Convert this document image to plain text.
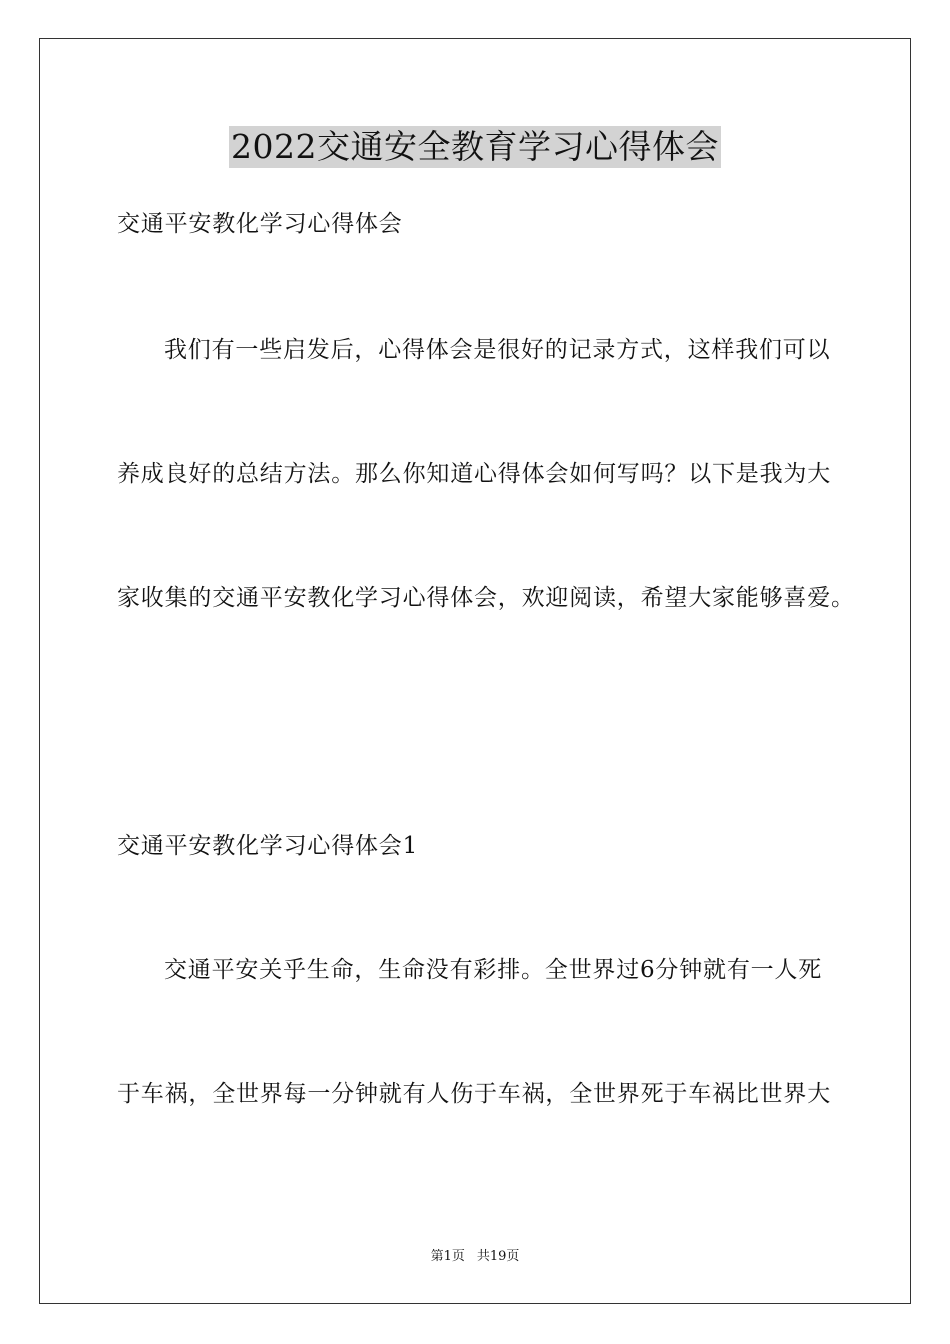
2022交通安全教育学习心得体会
交通平安教化学习心得体会
我们有一些启发后，心得体会是很好的记录方式，这样我们可以
养成良好的总结方法。那么你知道心得体会如何写吗？以下是我为大
家收集的交通平安教化学习心得体会，欢迎阅读，希望大家能够喜爱。
交通平安教化学习心得体会1
交通平安关乎生命，生命没有彩排。全世界过6分钟就有一人死
于车祸，全世界每一分钟就有人伤于车祸，全世界死于车祸比世界大
第1页 共19页
